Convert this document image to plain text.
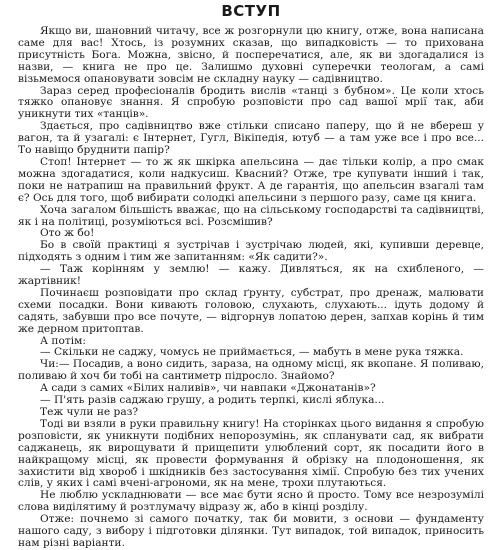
ВСТУП

Якщо ви, шановний читачу, все ж розгорнули цю книгу, отже, вона написана саме для вас! Хтось, із розумних сказав, що випадковість — то прихована присутність Бога. Можна, звісно, й посперечатися, але, як ви здогадалися із назви, — книга не про це. Залишмо духовні суперечки теологам, а самі візьмемося опановувати зовсім не складну науку — садівництво.

Зараз серед професіоналів бродить вислів «танці з бубном». Це коли хтось тяжко опановує знання. Я спробую розповісти про сад вашої мрії так, аби уникнути тих «танців».

Здається, про садівництво вже стільки списано паперу, що й не вбереш у вагон, та й узагалі: є Інтернет, Гугл, Вікіпедія, ютуб — а там уже все і про все... То навіщо бруднити папір?

Стоп! Інтернет — то ж як шкірка апельсина — дає тільки колір, а про смак можна здогадатися, коли надкусиш. Квасний? Отже, тре купувати інший і так, поки не натрапиш на правильний фрукт. А де гарантія, що апельсин взагалі там є? Ось для того, щоб вибирати солодкі апельсини з першого разу, саме ця книга.

Хоча загалом більшість вважає, що на сільському господарстві та садівництві, як і на політиці, розуміються всі. Розсмішив?

Ото ж бо!

Бо в своїй практиці я зустрічав і зустрічаю людей, які, купивши деревце, підходять з одним і тим же запитанням: «Як садити?».

— Таж корінням у землю! — кажу. Дивляться, як на схибленого, — жартівник!

Починаєш розповідати про склад ґрунту, субстрат, про дренаж, малювати схеми посадки. Вони кивають головою, слухають, слухають... ідуть додому й садять, забувши про все почуте, — відгорнув лопатою дерен, запхав корінь й тим же дерном притоптав.

А потім:

— Скільки не саджу, чомусь не приймається, — мабуть в мене рука тяжка.

Чи:— Посадив, а воно сидить, зараза, на одному місці, як вкопане. Я поливаю, поливаю й хоч би тобі на сантиметр підросло. Знайомо?

А сади з самих «Білих наливів», чи навпаки «Джонатанів»?

— П'ять разів саджаю грушу, а родить терпкі, кислі яблука...

Теж чули не раз?

Тоді ви взяли в руки правильну книгу! На сторінках цього видання я спробую розповісти, як уникнути подібних непорозумінь, як спланувати сад, як вибрати саджанець, як вирощувати й прищепити улюблений сорт, як посадити його в найкращому місці, як провести формування й обрізку на плодоношення, як захистити від хвороб і шкідників без застосування хімії. Спробую без тих учених слів, у яких і самі вчені-агрономи, як на мене, трохи плутаються.

Не люблю ускладнювати — все має бути ясно й просто. Тому все незрозумілі слова виділятиму й розтлумачу відразу ж, або в кінці розділу.

Отже: почнемо зі самого початку, так би мовити, з основи — фундаменту нашого саду, з вибору і підготовки ділянки. Тут випадок, той випадок, приносить нам різні варіанти.
